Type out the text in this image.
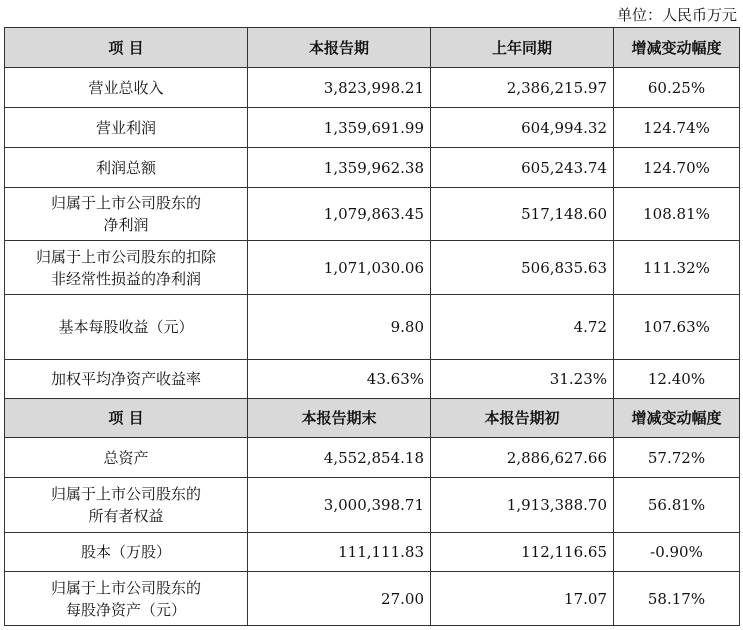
单位：人民币万元
项 目	本报告期	上年同期	增减变动幅度
营业总收入	3,823,998.21	2,386,215.97	60.25%
营业利润	1,359,691.99	604,994.32	124.74%
利润总额	1,359,962.38	605,243.74	124.70%

归属于上市公司股东的
净利润	1,079,863.45	517,148.60	108.81%

归属于上市公司股东的扣除
非经常性损益的净利润	1,071,030.06	506,835.63	111.32%
基本每股收益（元）	9.80	4.72	107.63%
加权平均净资产收益率	43.63%	31.23%	12.40%
项 目	本报告期末	本报告期初	增减变动幅度
总资产	4,552,854.18	2,886,627.66	57.72%

归属于上市公司股东的
所有者权益	3,000,398.71	1,913,388.70	56.81%
股本（万股）	111,111.83	112,116.65	-0.90%

归属于上市公司股东的
每股净资产（元）	27.00	17.07	58.17%
